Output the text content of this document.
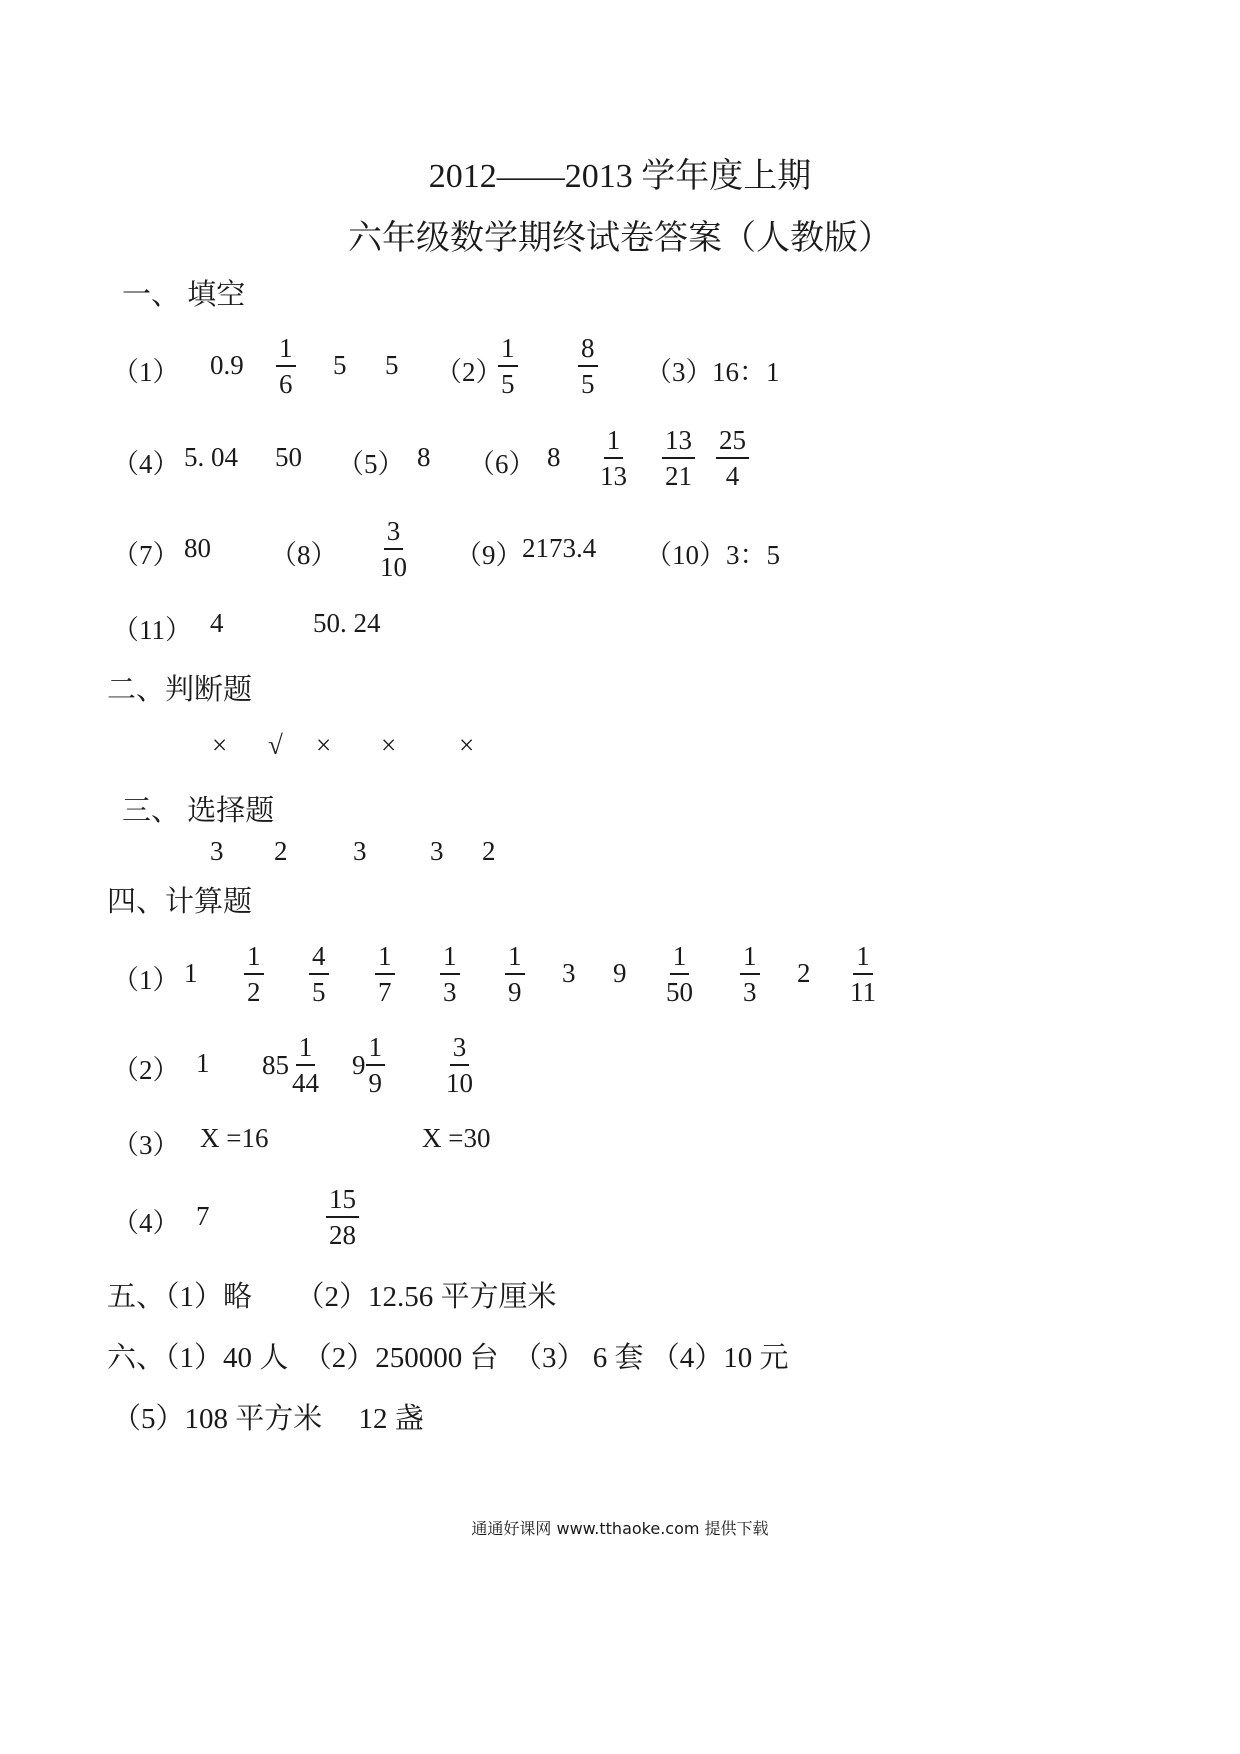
2012——2013 学年度上期
六年级数学期终试卷答案（人教版）
一、 填空
（1） $0.9 \frac{1}{6} 5$ 5 （2）
$\frac{1}{5} \frac{8}{5} (3)$ 16：1
（4） 5. 04 50 （5） 8 （6） $8 \frac{1}{13} \frac{13}{21} \frac{25}{4}$
（7） 80 $(8) \frac{3}{10} (9)$ 2173.4 （10）3：5
（11） 4	50. 24
二、判断题
× √ × × ×
三、 选择题
3 2 3 3 2
四、计算题
（1） $1 \frac{1}{2} \frac{4}{5} \frac{1}{7} \frac{1}{3} \frac{1}{9} 3$ $9 \frac{1}{50} \frac{1}{3} 2 \frac{1}{11}$
（2） 1 $85 \frac{1}{44} 9 \frac{1}{9} \frac{3}{10}$
（3） X =16	X =30
（4） 7	$\frac{15}{28}$
五、（1）略　　（2）12.56 平方厘米
六、（1）40 人　（2）250000 台　（3） 6 套 （4）10 元
（5）108 平方米　 12 盏
通通好课网 www.tthaoke.com 提供下载
